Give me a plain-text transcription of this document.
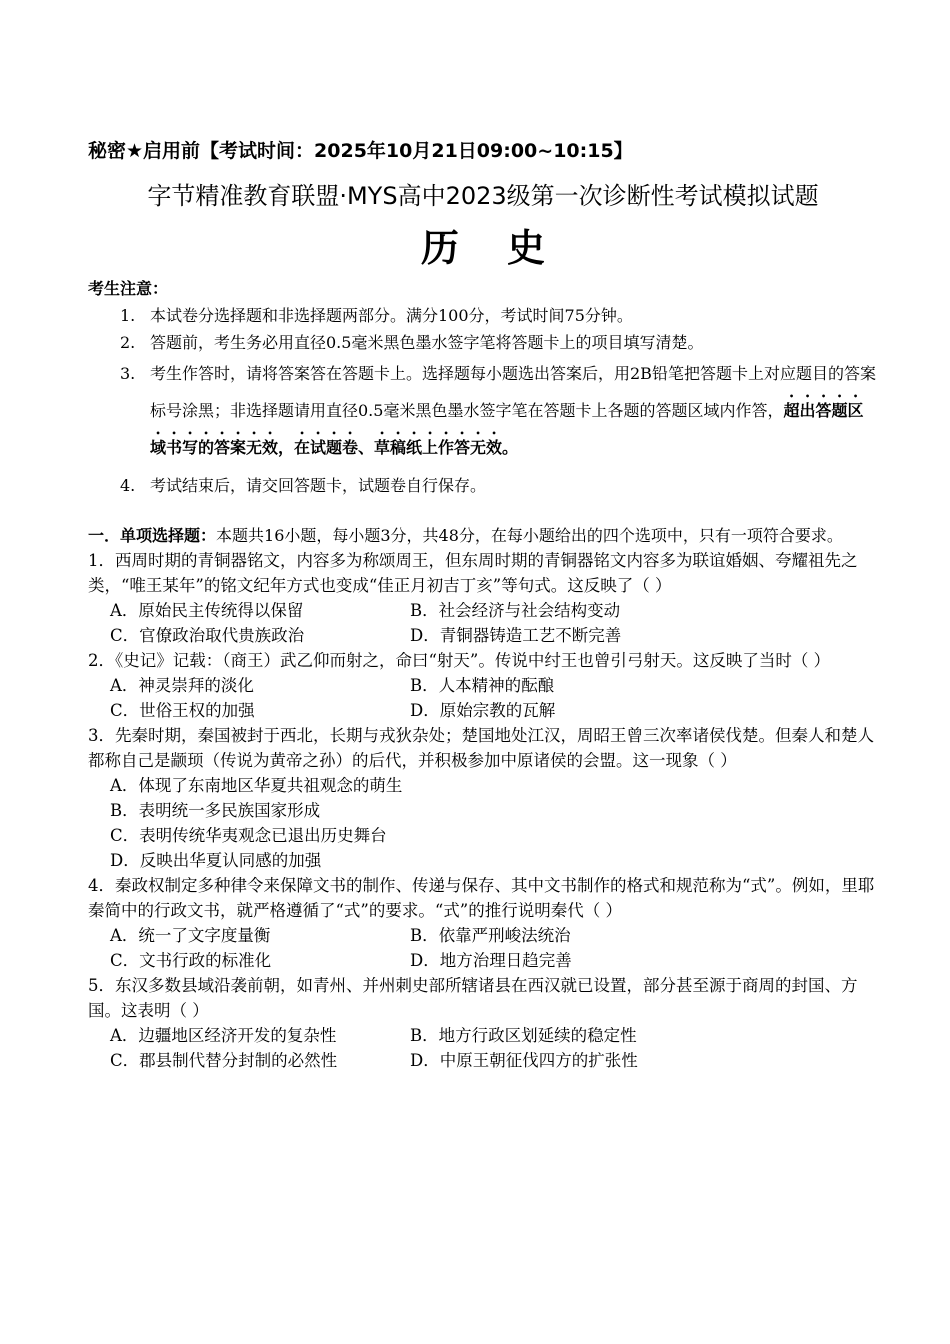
秘密★启用前【考试时间：2025年10月21日09:00~10:15】
字节精准教育联盟·MYS高中2023级第一次诊断性考试模拟试题
历史
考生注意：
1. 本试卷分选择题和非选择题两部分。满分100分，考试时间75分钟。
2. 答题前，考生务必用直径0.5毫米黑色墨水签字笔将答题卡上的项目填写清楚。
3. 考生作答时，请将答案答在答题卡上。选择题每小题选出答案后，用2B铅笔把答题卡上对应题目的答案标号涂黑；非选择题请用直径0.5毫米黑色墨水签字笔在答题卡上各题的答题区域内作答，超出答题区域书写的答案无效，在试题卷、草稿纸上作答无效。
4. 考试结束后，请交回答题卡，试题卷自行保存。
一．单项选择题：本题共16小题，每小题3分，共48分，在每小题给出的四个选项中，只有一项符合要求。
1．西周时期的青铜器铭文，内容多为称颂周王，但东周时期的青铜器铭文内容多为联谊婚姻、夸耀祖先之类，“唯王某年”的铭文纪年方式也变成“佳正月初吉丁亥”等句式。这反映了（ ）
A．原始民主传统得以保留	B．社会经济与社会结构变动
C．官僚政治取代贵族政治	D．青铜器铸造工艺不断完善
2．《史记》记载：（商王）武乙仰而射之，命曰“射天”。传说中纣王也曾引弓射天。这反映了当时（ ）
A．神灵崇拜的淡化	B．人本精神的酝酿
C．世俗王权的加强	D．原始宗教的瓦解
3．先秦时期，秦国被封于西北，长期与戎狄杂处；楚国地处江汉，周昭王曾三次率诸侯伐楚。但秦人和楚人都称自己是颛顼（传说为黄帝之孙）的后代，并积极参加中原诸侯的会盟。这一现象（ ）
A．体现了东南地区华夏共祖观念的萌生
B．表明统一多民族国家形成
C．表明传统华夷观念已退出历史舞台
D．反映出华夏认同感的加强
4．秦政权制定多种律令来保障文书的制作、传递与保存、其中文书制作的格式和规范称为“式”。例如，里耶秦简中的行政文书，就严格遵循了“式”的要求。“式”的推行说明秦代（ ）
A．统一了文字度量衡	B．依靠严刑峻法统治
C．文书行政的标准化	D．地方治理日趋完善
5．东汉多数县域沿袭前朝，如青州、并州刺史部所辖诸县在西汉就已设置，部分甚至源于商周的封国、方国。这表明（ ）
A．边疆地区经济开发的复杂性	B．地方行政区划延续的稳定性
C．郡县制代替分封制的必然性	D．中原王朝征伐四方的扩张性
